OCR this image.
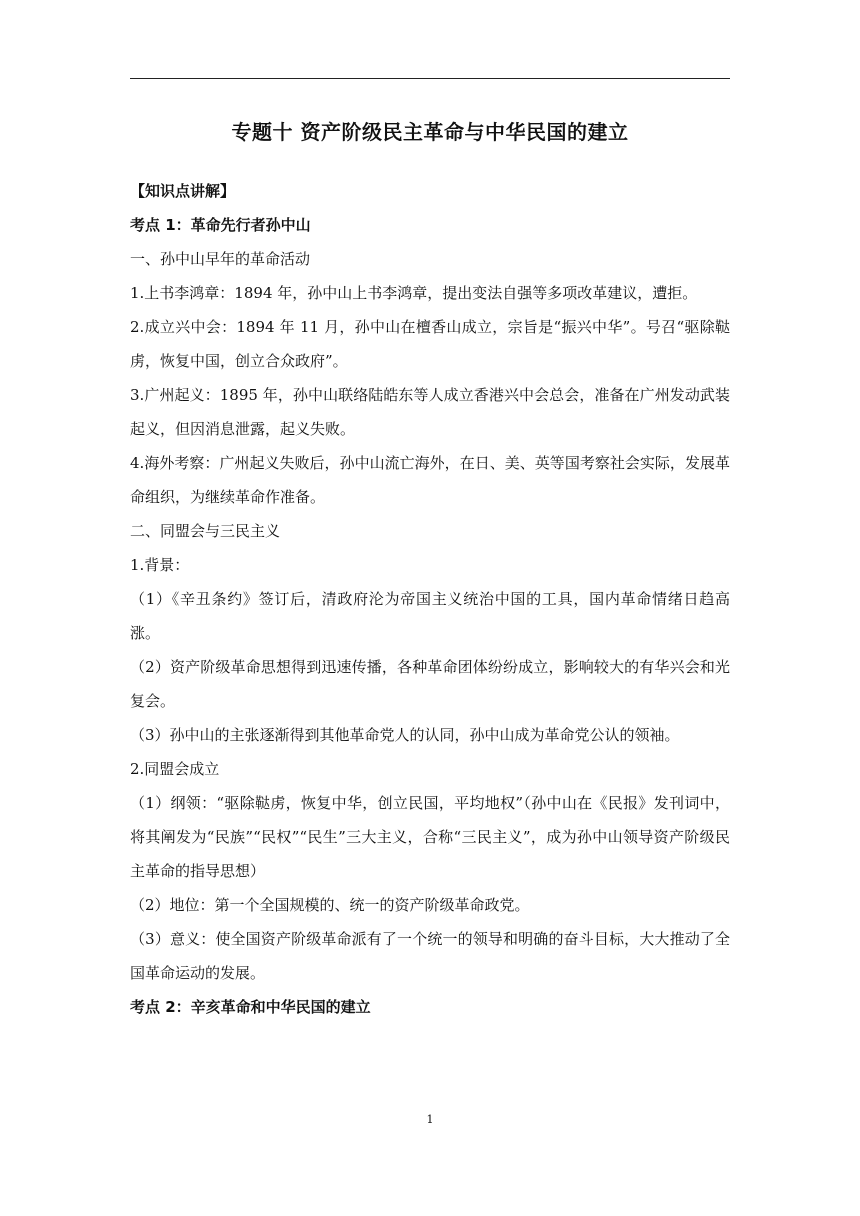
专题十 资产阶级民主革命与中华民国的建立

【知识点讲解】

考点 1：革命先行者孙中山

一、孙中山早年的革命活动

1.上书李鸿章：1894 年，孙中山上书李鸿章，提出变法自强等多项改革建议，遭拒。

2.成立兴中会：1894 年 11 月，孙中山在檀香山成立，宗旨是“振兴中华”。号召“驱除鞑虏，恢复中国，创立合众政府”。

3.广州起义：1895 年，孙中山联络陆皓东等人成立香港兴中会总会，准备在广州发动武装起义，但因消息泄露，起义失败。

4.海外考察：广州起义失败后，孙中山流亡海外，在日、美、英等国考察社会实际，发展革命组织，为继续革命作准备。

二、同盟会与三民主义

1.背景：

（1）《辛丑条约》签订后，清政府沦为帝国主义统治中国的工具，国内革命情绪日趋高涨。

（2）资产阶级革命思想得到迅速传播，各种革命团体纷纷成立，影响较大的有华兴会和光复会。

（3）孙中山的主张逐渐得到其他革命党人的认同，孙中山成为革命党公认的领袖。

2.同盟会成立

（1）纲领：“驱除鞑虏，恢复中华，创立民国，平均地权”（孙中山在《民报》发刊词中，将其阐发为“民族”“民权”“民生”三大主义，合称“三民主义”，成为孙中山领导资产阶级民主革命的指导思想）

（2）地位：第一个全国规模的、统一的资产阶级革命政党。

（3）意义：使全国资产阶级革命派有了一个统一的领导和明确的奋斗目标，大大推动了全国革命运动的发展。

考点 2：辛亥革命和中华民国的建立

1
